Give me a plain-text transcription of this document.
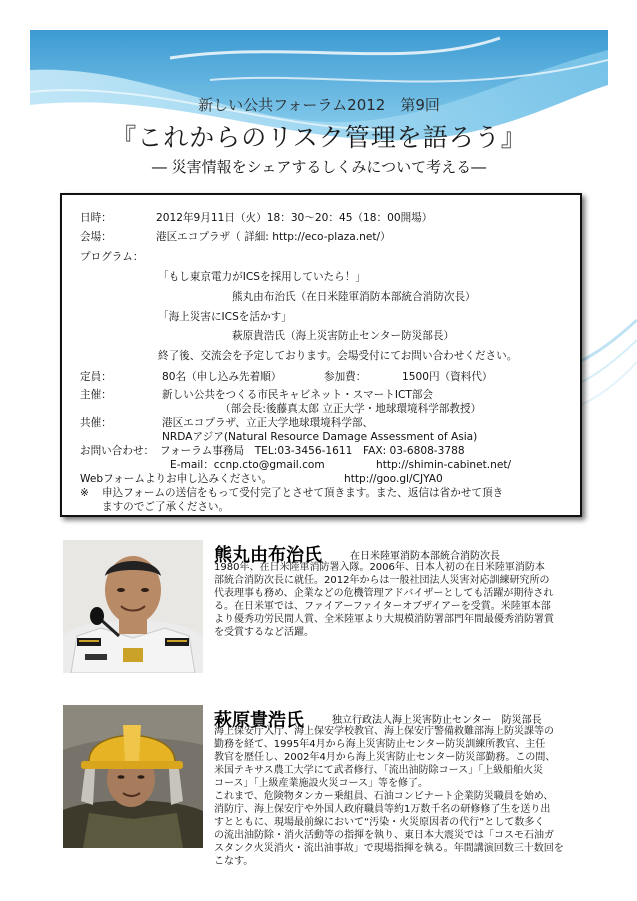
新しい公共フォーラム2012　第9回
『これからのリスク管理を語ろう』
― 災害情報をシェアするしくみについて考える―
日時：	2012年9月11日（火）18：30～20：45（18：00開場）
会場：	港区エコプラザ（ 詳細: http://eco-plaza.net/）
プログラム：
「もし東京電力がICSを採用していたら！」
熊丸由布治氏（在日米陸軍消防本部統合消防次長）
「海上災害にICSを活かす」
萩原貴浩氏（海上災害防止センター防災部長）
終了後、交流会を予定しております。会場受付にてお問い合わせください。
定員：	80名（申し込み先着順）	参加費：	1500円（資料代）
主催：	新しい公共をつくる市民キャビネット・スマートICT部会
（部会長:後藤真太郎 立正大学・地球環境科学部教授）
共催：	港区エコプラザ、立正大学地球環境科学部、
NRDAアジア(Natural Resource Damage Assessment of Asia)
お問い合わせ： フォーラム事務局　TEL:03-3456-1611　FAX: 03-6808-3788
E-mail：ccnp.cto@gmail.com	http://shimin-cabinet.net/
Webフォームよりお申し込みください。	http://goo.gl/CJYA0
※ 申込フォームの送信をもって受付完了とさせて頂きます。また、返信は省かせて頂き
ますのでご了承ください。
熊丸由布治氏	在日米陸軍消防本部統合消防次長
1980年、在日米陸軍消防署入隊。2006年、日本人初の在日米陸軍消防本
部統合消防次長に就任。2012年からは一般社団法人災害対応訓練研究所の
代表理事も務め、企業などの危機管理アドバイザーとしても活躍が期待され
る。在日米軍では、ファイアーファイターオブザイアーを受賞。米陸軍本部
より優秀功労民間人賞、全米陸軍より大規模消防署部門年間最優秀消防署賞
を受賞するなど活躍。
萩原貴浩氏	独立行政法人海上災害防止センター　防災部長
海上保安庁入庁、海上保安学校教官、海上保安庁警備救難部海上防災課等の
勤務を経て、1995年4月から海上災害防止センター防災訓練所教官、主任
教官を歴任し、2002年4月から海上災害防止センター防災部勤務。この間、
米国テキサス農工大学にて武者修行、「流出油防除コース」「上級船舶火災
コース」「上級産業施設火災コース」等を修了。
これまで、危険物タンカー乗組員、石油コンビナート企業防災職員を始め、
消防庁、海上保安庁や外国人政府職員等約1万数千名の研修修了生を送り出
すとともに、現場最前線において“汚染・火災原因者の代行”として数多く
の流出油防除・消火活動等の指揮を執り、東日本大震災では「コスモ石油ガ
スタンク火災消火・流出油事故」で現場指揮を執る。年間講演回数三十数回を
こなす。
